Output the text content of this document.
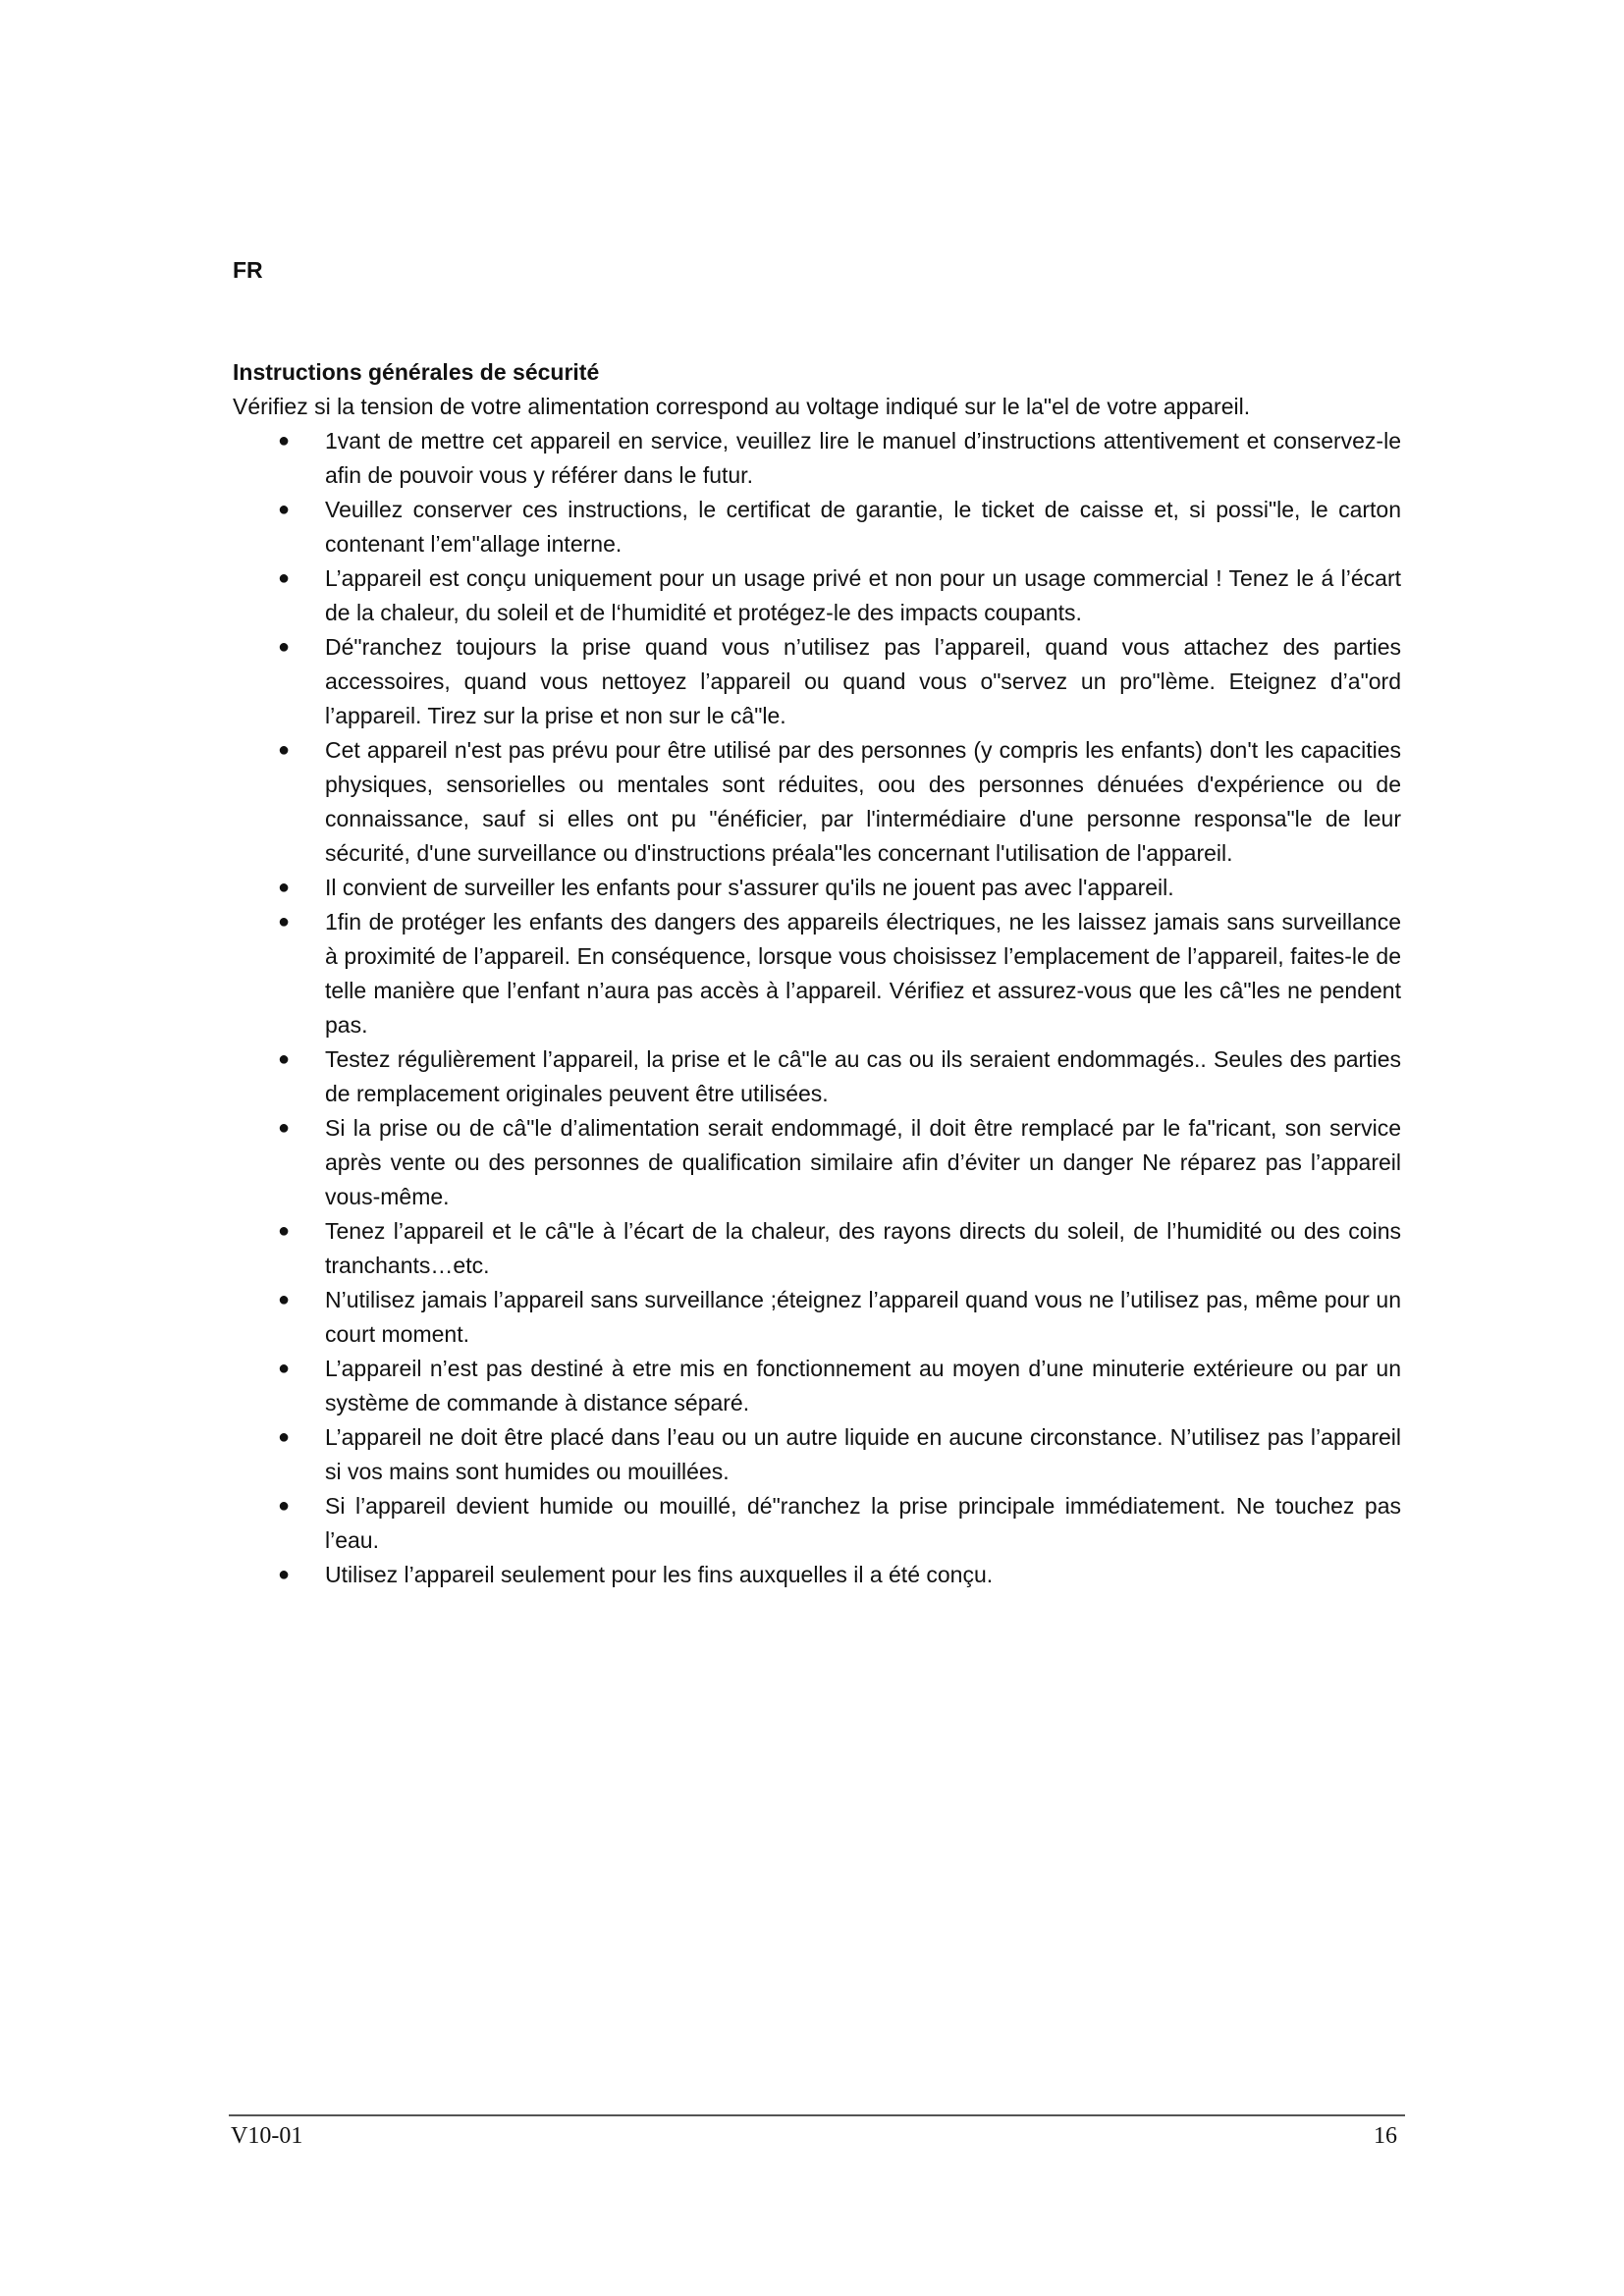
FR

Instructions générales de sécurité

Vérifiez si la tension de votre alimentation correspond au voltage indiqué sur le la"el de votre appareil.

● 1vant de mettre cet appareil en service, veuillez lire le manuel d’instructions attentivement et conservez-le afin de pouvoir vous y référer dans le futur.
● Veuillez conserver ces instructions, le certificat de garantie, le ticket de caisse et, si possi"le, le carton contenant l’em"allage interne.
● L’appareil est conçu uniquement pour un usage privé et non pour un usage commercial ! Tenez le á l’écart de la chaleur, du soleil et de l‘humidité et protégez-le des impacts coupants.
● Dé"ranchez toujours la prise quand vous n’utilisez pas l’appareil, quand vous attachez des parties accessoires, quand vous nettoyez l’appareil ou quand vous o"servez un pro"lème. Eteignez d’a"ord l’appareil. Tirez sur la prise et non sur le câ"le.
● Cet appareil n'est pas prévu pour être utilisé par des personnes (y compris les enfants) don't les capacities physiques, sensorielles ou mentales sont réduites, oou des personnes dénuées d'expérience ou de connaissance, sauf si elles ont pu "énéficier, par l'intermédiaire d'une personne responsa"le de leur sécurité, d'une surveillance ou d'instructions préala"les concernant l'utilisation de l'appareil.
● Il convient de surveiller les enfants pour s'assurer qu'ils ne jouent pas avec l'appareil.
● 1fin de protéger les enfants des dangers des appareils électriques, ne les laissez jamais sans surveillance à proximité de l’appareil. En conséquence, lorsque vous choisissez l’emplacement de l’appareil, faites-le de telle manière que l’enfant n’aura pas accès à l’appareil. Vérifiez et assurez-vous que les câ"les ne pendent pas.
● Testez régulièrement l’appareil, la prise et le câ"le au cas ou ils seraient endommagés.. Seules des parties de remplacement originales peuvent être utilisées.
● Si la prise ou de câ"le d’alimentation serait endommagé, il doit être remplacé par le fa"ricant, son service après vente ou des personnes de qualification similaire afin d’éviter un danger Ne réparez pas l’appareil vous-même.
● Tenez l’appareil et le câ"le à l’écart de la chaleur, des rayons directs du soleil, de l’humidité ou des coins tranchants…etc.
● N’utilisez jamais l’appareil sans surveillance ;éteignez l’appareil quand vous ne l’utilisez pas, même pour un court moment.
● L’appareil n’est pas destiné à etre mis en fonctionnement au moyen d’une minuterie extérieure ou par un système de commande à distance séparé.
● L’appareil ne doit être placé dans l’eau ou un autre liquide en aucune circonstance. N’utilisez pas l’appareil si vos mains sont humides ou mouillées.
● Si l’appareil devient humide ou mouillé, dé"ranchez la prise principale immédiatement. Ne touchez pas l’eau.
● Utilisez l’appareil seulement pour les fins auxquelles il a été conçu.
V10-01	16
